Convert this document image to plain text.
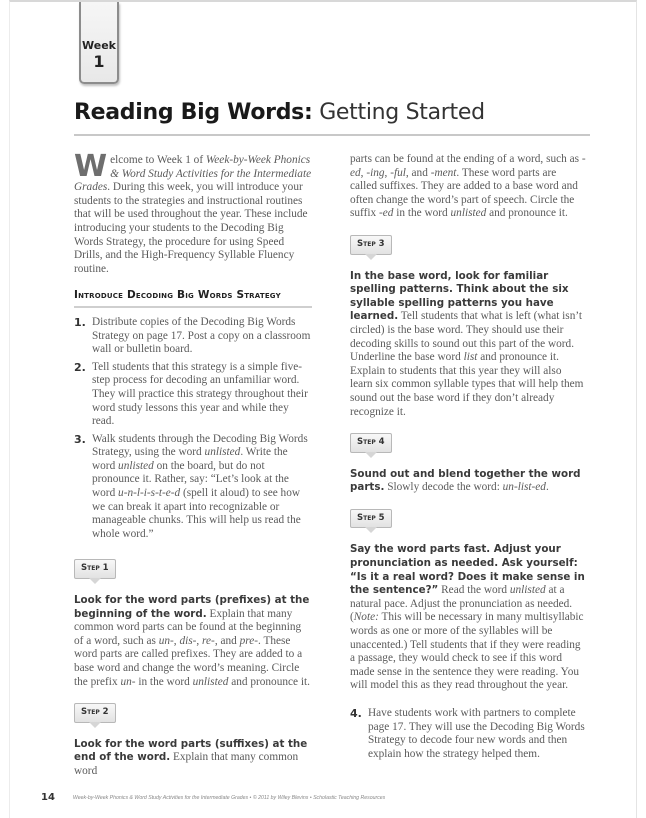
Week
1
Reading Big Words: Getting Started

Welcome to Week 1 of Week-by-Week Phonics & Word Study Activities for the Intermediate Grades. During this week, you will introduce your students to the strategies and instructional routines that will be used throughout the year. These include introducing your students to the Decoding Big Words Strategy, the procedure for using Speed Drills, and the High-Frequency Syllable Fluency routine.

Introduce Decoding Big Words Strategy
1. Distribute copies of the Decoding Big Words Strategy on page 17. Post a copy on a classroom wall or bulletin board.
2. Tell students that this strategy is a simple five-step process for decoding an unfamiliar word. They will practice this strategy throughout their word study lessons this year and while they read.
3. Walk students through the Decoding Big Words Strategy, using the word unlisted. Write the word unlisted on the board, but do not pronounce it. Rather, say: “Let’s look at the word u-n-l-i-s-t-e-d (spell it aloud) to see how we can break it apart into recognizable or manageable chunks. This will help us read the whole word.”
Step 1

Look for the word parts (prefixes) at the beginning of the word. Explain that many common word parts can be found at the beginning of a word, such as un-, dis-, re-, and pre-. These word parts are called prefixes. They are added to a base word and change the word’s meaning. Circle the prefix un- in the word unlisted and pronounce it.

Step 2

Look for the word parts (suffixes) at the end of the word. Explain that many common word

parts can be found at the ending of a word, such as -ed, -ing, -ful, and -ment. These word parts are called suffixes. They are added to a base word and often change the word’s part of speech. Circle the suffix -ed in the word unlisted and pronounce it.

Step 3

In the base word, look for familiar spelling patterns. Think about the six syllable spelling patterns you have learned. Tell students that what is left (what isn’t circled) is the base word. They should use their decoding skills to sound out this part of the word. Underline the base word list and pronounce it. Explain to students that this year they will also learn six common syllable types that will help them sound out the base word if they don’t already recognize it.

Step 4

Sound out and blend together the word parts. Slowly decode the word: un-list-ed.

Step 5

Say the word parts fast. Adjust your pronunciation as needed. Ask yourself: “Is it a real word? Does it make sense in the sentence?” Read the word unlisted at a natural pace. Adjust the pronunciation as needed. (Note: This will be necessary in many multisyllabic words as one or more of the syllables will be unaccented.) Tell students that if they were reading a passage, they would check to see if this word made sense in the sentence they were reading. You will model this as they read throughout the year.

4. Have students work with partners to complete page 17. They will use the Decoding Big Words Strategy to decode four new words and then explain how the strategy helped them.
14	Week-by-Week Phonics & Word Study Activities for the Intermediate Grades • © 2011 by Wiley Blevins • Scholastic Teaching Resources
